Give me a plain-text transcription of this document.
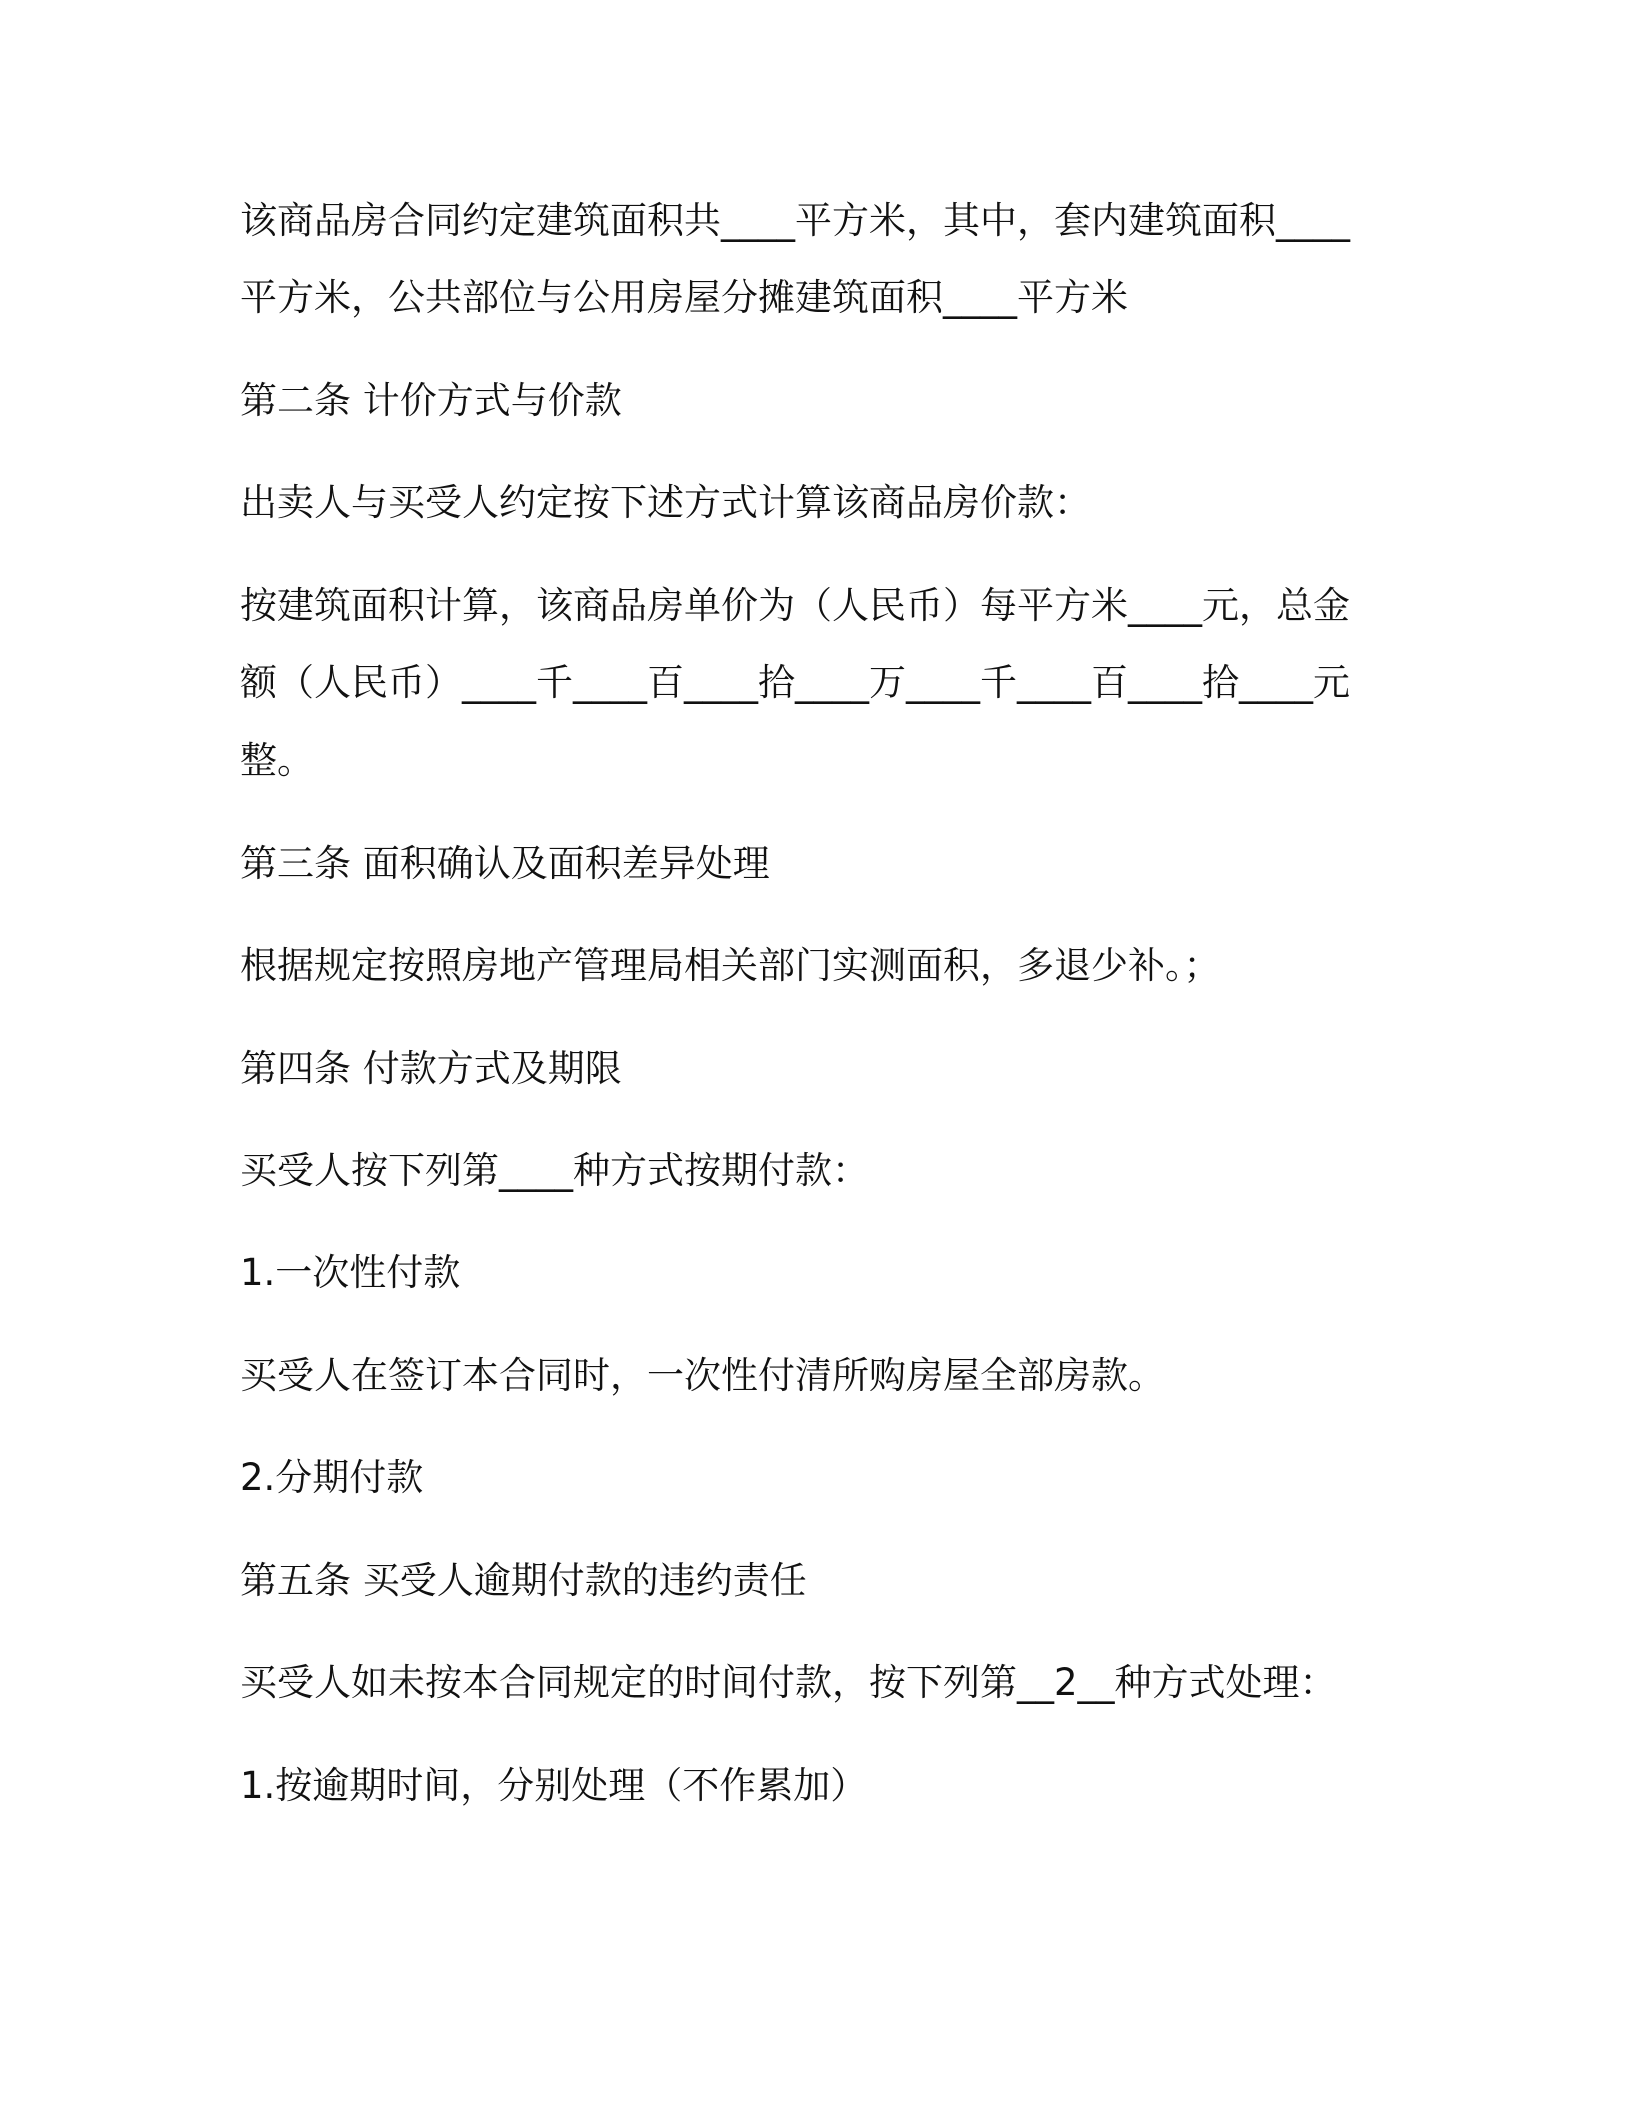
该商品房合同约定建筑面积共____平方米，其中，套内建筑面积____

平方米，公共部位与公用房屋分摊建筑面积____平方米

第二条 计价方式与价款

出卖人与买受人约定按下述方式计算该商品房价款：

按建筑面积计算，该商品房单价为（人民币）每平方米____元，总金

额（人民币）____千____百____拾____万____千____百____拾____元

整。

第三条 面积确认及面积差异处理

根据规定按照房地产管理局相关部门实测面积，多退少补。；

第四条 付款方式及期限

买受人按下列第____种方式按期付款：

1.一次性付款

买受人在签订本合同时，一次性付清所购房屋全部房款。

2.分期付款

第五条 买受人逾期付款的违约责任

买受人如未按本合同规定的时间付款，按下列第__2__种方式处理：

1.按逾期时间，分别处理（不作累加）
